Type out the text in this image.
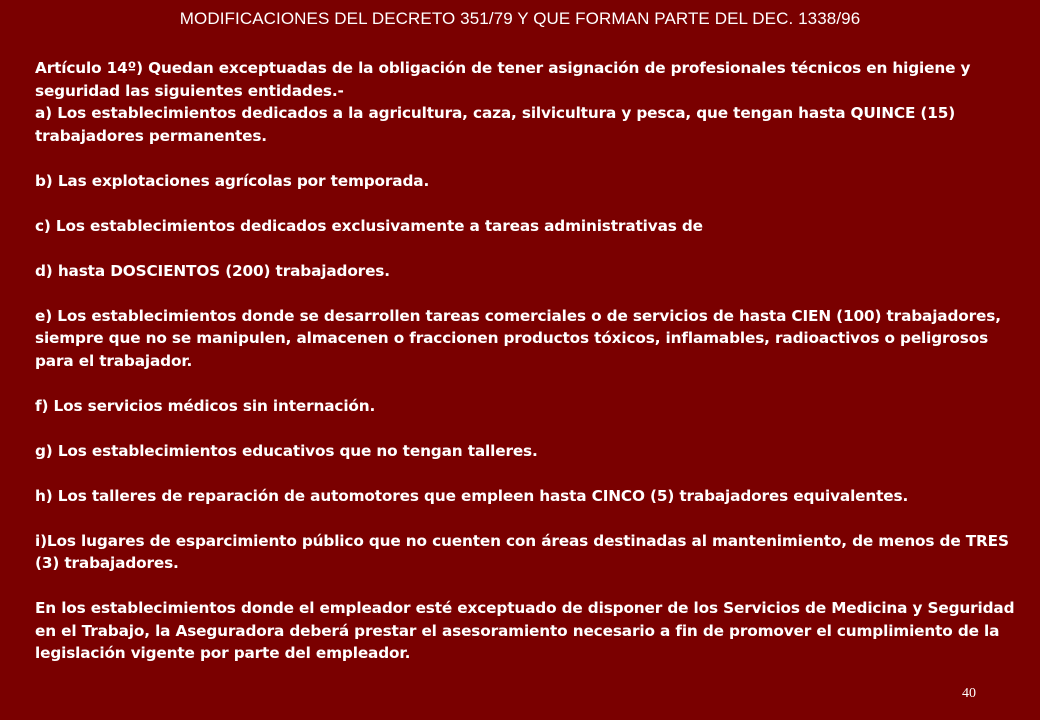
MODIFICACIONES DEL DECRETO 351/79 Y QUE FORMAN PARTE DEL DEC. 1338/96

Artículo 14º) Quedan exceptuadas de la obligación de tener asignación de profesionales técnicos en higiene y seguridad las siguientes entidades.-

a) Los establecimientos dedicados a la agricultura, caza, silvicultura y pesca, que tengan hasta QUINCE (15) trabajadores permanentes.

b) Las explotaciones agrícolas por temporada.

c) Los establecimientos dedicados exclusivamente a tareas administrativas de

d) hasta DOSCIENTOS (200) trabajadores.

e) Los establecimientos donde se desarrollen tareas comerciales o de servicios de hasta CIEN (100) trabajadores, siempre que no se manipulen, almacenen o fraccionen productos tóxicos, inflamables, radioactivos o peligrosos para el trabajador.

f) Los servicios médicos sin internación.

g) Los establecimientos educativos que no tengan talleres.

h) Los talleres de reparación de automotores que empleen hasta CINCO (5) trabajadores equivalentes.

i)Los lugares de esparcimiento público que no cuenten con áreas destinadas al mantenimiento, de menos de TRES (3) trabajadores.

En los establecimientos donde el empleador esté exceptuado de disponer de los Servicios de Medicina y Seguridad en el Trabajo, la Aseguradora deberá prestar el asesoramiento necesario a fin de promover el cumplimiento de la legislación vigente por parte del empleador.

40
